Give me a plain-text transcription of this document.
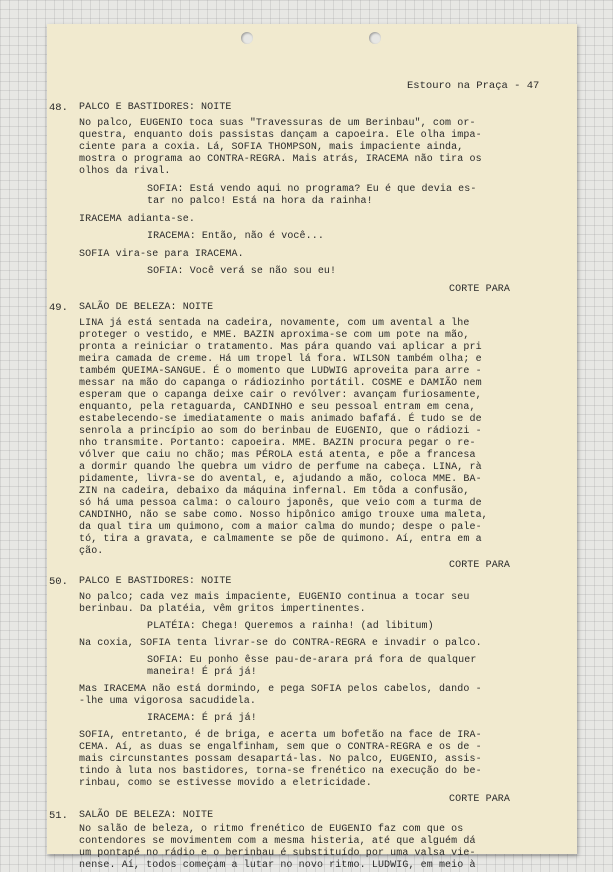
Estouro na Praça - 47
48. PALCO E BASTIDORES: NOITE
No palco, EUGENIO toca suas "Travessuras de um Berinbau", com or-
questra, enquanto dois passistas dançam a capoeira. Ele olha impa-
ciente para a coxia. Lá, SOFIA THOMPSON, mais impaciente ainda,
mostra o programa ao CONTRA-REGRA. Mais atrás, IRACEMA não tira os
olhos da rival.
SOFIA: Está vendo aqui no programa? Eu é que devia es-
tar no palco! Está na hora da rainha!
IRACEMA adianta-se.
IRACEMA: Então, não é você...
SOFIA vira-se para IRACEMA.
SOFIA: Você verá se não sou eu!
CORTE PARA
49. SALÃO DE BELEZA: NOITE
LINA já está sentada na cadeira, novamente, com um avental a lhe
proteger o vestido, e MME. BAZIN aproxima-se com um pote na mão,
pronta a reiniciar o tratamento. Mas pára quando vai aplicar a pri
meira camada de creme. Há um tropel lá fora. WILSON também olha; e
também QUEIMA-SANGUE. É o momento que LUDWIG aproveita para arre -
messar na mão do capanga o rádiozinho portátil. COSME e DAMIÃO nem
esperam que o capanga deixe cair o revólver: avançam furiosamente,
enquanto, pela retaguarda, CANDINHO e seu pessoal entram em cena,
estabelecendo-se imediatamente o mais animado bafafá. É tudo se de
senrola a princípio ao som do berinbau de EUGENIO, que o rádiozi -
nho transmite. Portanto: capoeira. MME. BAZIN procura pegar o re-
vólver que caiu no chão; mas PÉROLA está atenta, e põe a francesa
a dormir quando lhe quebra um vidro de perfume na cabeça. LINA, rà
pidamente, livra-se do avental, e, ajudando a mão, coloca MME. BA-
ZIN na cadeira, debaixo da máquina infernal. Em tôda a confusão,
só há uma pessoa calma: o calouro japonês, que veio com a turma de
CANDINHO, não se sabe como. Nosso hipônico amigo trouxe uma maleta,
da qual tira um quimono, com a maior calma do mundo; despe o pale-
tó, tira a gravata, e calmamente se põe de quimono. Aí, entra em a
ção.
CORTE PARA
50. PALCO E BASTIDORES: NOITE
No palco; cada vez mais impaciente, EUGENIO continua a tocar seu
berinbau. Da platéia, vêm gritos impertinentes.
PLATÉIA: Chega! Queremos a rainha! (ad libitum)
Na coxia, SOFIA tenta livrar-se do CONTRA-REGRA e invadir o palco.
SOFIA: Eu ponho êsse pau-de-arara prá fora de qualquer
maneira! É prá já!
Mas IRACEMA não está dormindo, e pega SOFIA pelos cabelos, dando -
-lhe uma vigorosa sacudidela.
IRACEMA: É prá já!
SOFIA, entretanto, é de briga, e acerta um bofetão na face de IRA-
CEMA. Aí, as duas se engalfinham, sem que o CONTRA-REGRA e os de -
mais circunstantes possam desapartá-las. No palco, EUGENIO, assis-
tindo à luta nos bastidores, torna-se frenético na execução do be-
rinbau, como se estivesse movido a eletricidade.
CORTE PARA
51. SALÃO DE BELEZA: NOITE
No salão de beleza, o ritmo frenético de EUGENIO faz com que os
contendores se movimentem com a mesma histeria, até que alguém dá
um pontapé no rádio e o berinbau é substituído por uma valsa vie-
nense. Aí, todos começam a lutar no novo ritmo. LUDWIG, em meio à
